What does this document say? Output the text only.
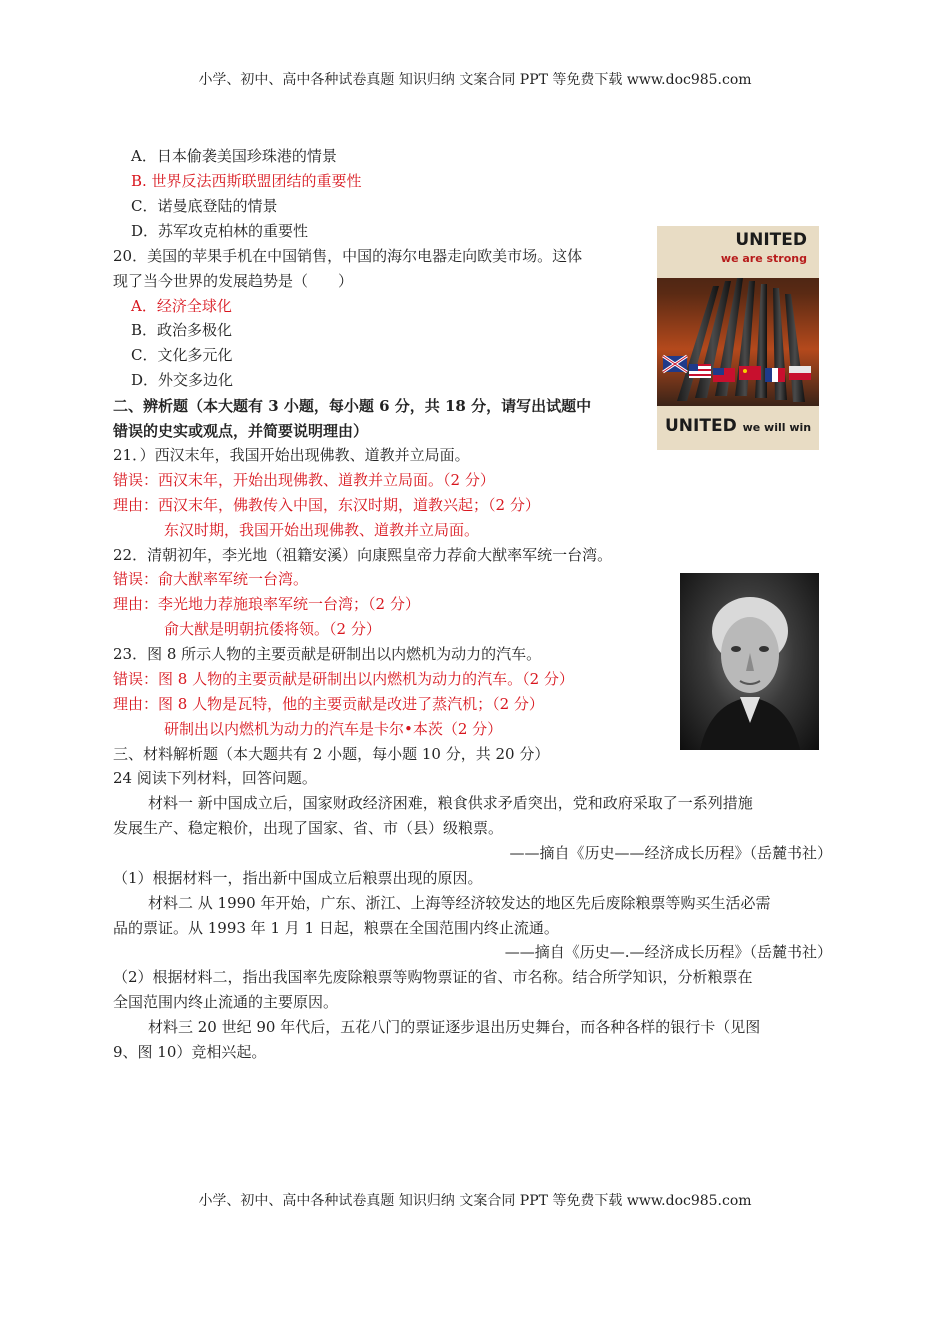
小学、初中、高中各种试卷真题 知识归纳 文案合同 PPT 等免费下载 www.doc985.com
A．日本偷袭美国珍珠港的情景
B. 世界反法西斯联盟团结的重要性
C．诺曼底登陆的情景
D．苏军攻克柏林的重要性
20．美国的苹果手机在中国销售，中国的海尔电器走向欧美市场。这体
现了当今世界的发展趋势是（　　）
A．经济全球化
B．政治多极化
C．文化多元化
D．外交多边化
二、辨析题（本大题有 3 小题，每小题 6 分，共 18 分，请写出试题中
错误的史实或观点，并简要说明理由）
21．）西汉末年，我国开始出现佛教、道教并立局面。
错误：西汉末年，开始出现佛教、道教并立局面。（2 分）
理由：西汉末年，佛教传入中国，东汉时期，道教兴起；（2 分）
东汉时期，我国开始出现佛教、道教并立局面。
22．清朝初年，李光地（祖籍安溪）向康熙皇帝力荐俞大猷率军统一台湾。
错误：俞大猷率军统一台湾。
理由：李光地力荐施琅率军统一台湾；（2 分）
俞大猷是明朝抗倭将领。（2 分）
23．图 8 所示人物的主要贡献是研制出以内燃机为动力的汽车。
错误：图 8 人物的主要贡献是研制出以内燃机为动力的汽车。（2 分）
理由：图 8 人物是瓦特，他的主要贡献是改进了蒸汽机；（2 分）
研制出以内燃机为动力的汽车是卡尔•本茨（2 分）
三、材料解析题（本大题共有 2 小题，每小题 10 分，共 20 分）
24 阅读下列材料，回答问题。
材料一 新中国成立后，国家财政经济困难，粮食供求矛盾突出，党和政府采取了一系列措施
发展生产、稳定粮价，出现了国家、省、市（县）级粮票。
——摘自《历史——经济成长历程》（岳麓书社）
（1）根据材料一，指出新中国成立后粮票出现的原因。
材料二 从 1990 年开始，广东、浙江、上海等经济较发达的地区先后废除粮票等购买生活必需
品的票证。从 1993 年 1 月 1 日起，粮票在全国范围内终止流通。
——摘自《历史—.—经济成长历程》（岳麓书社）
（2）根据材料二，指出我国率先废除粮票等购物票证的省、市名称。结合所学知识，分析粮票在
全国范围内终止流通的主要原因。
材料三 20 世纪 90 年代后，五花八门的票证逐步退出历史舞台，而各种各样的银行卡（见图
9、图 10）竞相兴起。
UNITED
we are strong
UNITED we will win
小学、初中、高中各种试卷真题 知识归纳 文案合同 PPT 等免费下载 www.doc985.com
